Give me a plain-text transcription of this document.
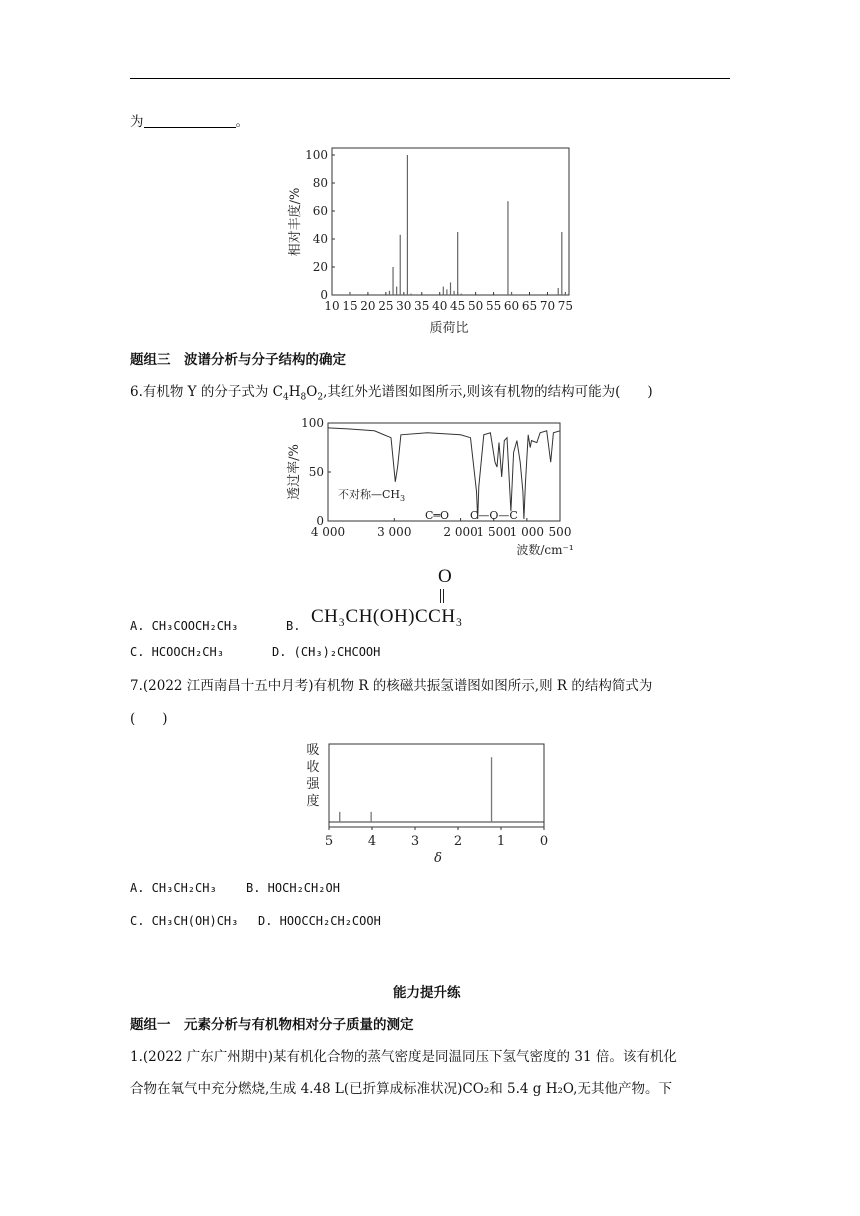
为	。
相对丰度/%
质荷比
0
20
40
60
80
100
10 15 20 25 30 35 40 45 50 55 60 65 70 75
题组三　波谱分析与分子结构的确定
6.有机物 Y 的分子式为 $C_4H_8O_2$,其红外光谱图如图所示,则该有机物的结构可能为(　　)
透过率/%
波数/cm⁻¹
0
50
100
4 000	3 000	2 000
1 500
1 000 500
不对称$—CH_3$
C═O C—O—C
O
A. CH₃COOCH₂CH₃	B. CH₃CH(OH)CCH₃
C. HCOOCH₂CH₃	D. (CH₃)₂CHCOOH
7.(2022 江西南昌十五中月考)有机物 R 的核磁共振氢谱图如图所示,则 R 的结构简式为
(　　)
吸
收
强
度
δ
5	4	3	2	1	0
A. CH₃CH₂CH₃ B. HOCH₂CH₂OH
C. CH₃CH(OH)CH₃ D. HOOCCH₂CH₂COOH
能力提升练
题组一　元素分析与有机物相对分子质量的测定
1.(2022 广东广州期中)某有机化合物的蒸气密度是同温同压下氢气密度的 31 倍。该有机化
合物在氧气中充分燃烧,生成 4.48 L(已折算成标准状况)CO₂和 5.4 g H₂O,无其他产物。下
